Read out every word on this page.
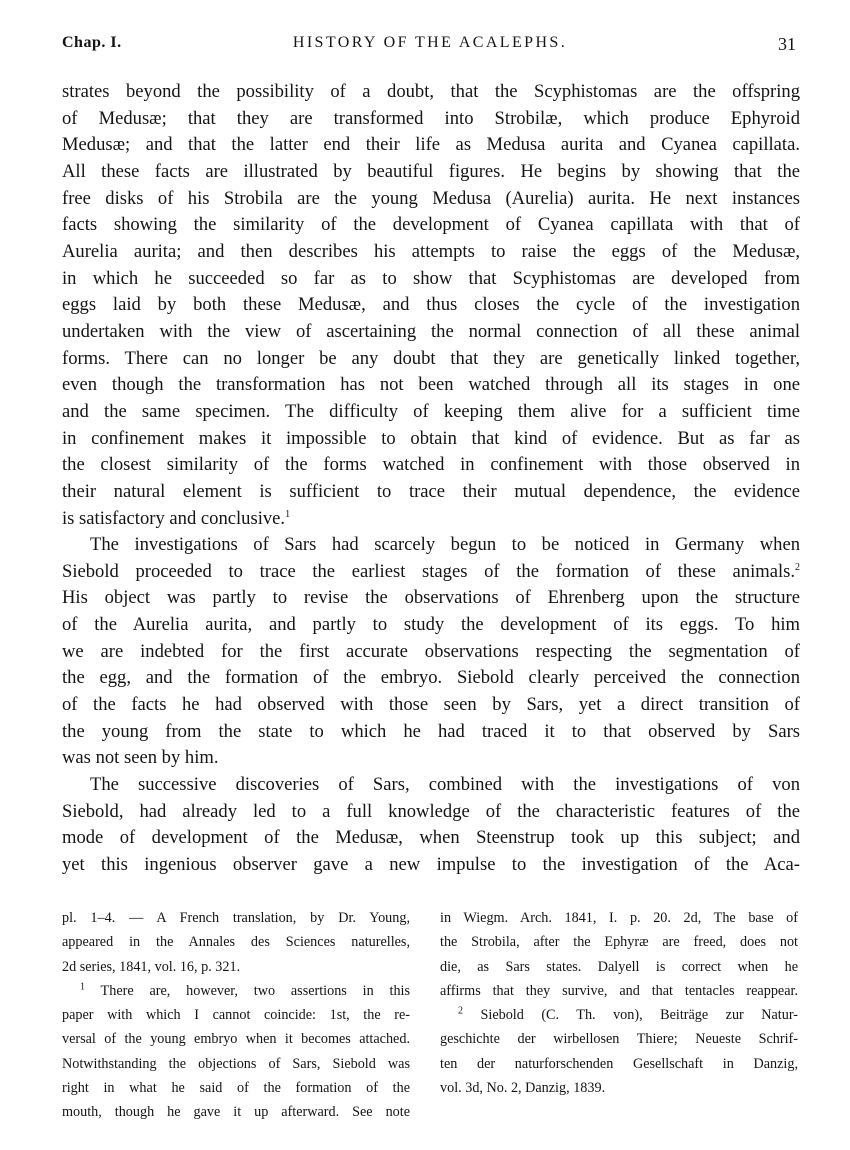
Chap. I.	HISTORY OF THE ACALEPHS.	31

strates beyond the possibility of a doubt, that the Scyphistomas are the offspring
of Medusæ; that they are transformed into Strobilæ, which produce Ephyroid
Medusæ; and that the latter end their life as Medusa aurita and Cyanea capillata.
All these facts are illustrated by beautiful figures. He begins by showing that the
free disks of his Strobila are the young Medusa (Aurelia) aurita. He next instances
facts showing the similarity of the development of Cyanea capillata with that of
Aurelia aurita; and then describes his attempts to raise the eggs of the Medusæ,
in which he succeeded so far as to show that Scyphistomas are developed from
eggs laid by both these Medusæ, and thus closes the cycle of the investigation
undertaken with the view of ascertaining the normal connection of all these animal
forms. There can no longer be any doubt that they are genetically linked together,
even though the transformation has not been watched through all its stages in one
and the same specimen. The difficulty of keeping them alive for a sufficient time
in confinement makes it impossible to obtain that kind of evidence. But as far as
the closest similarity of the forms watched in confinement with those observed in
their natural element is sufficient to trace their mutual dependence, the evidence
is satisfactory and conclusive.$^1$

The investigations of Sars had scarcely begun to be noticed in Germany when
Siebold proceeded to trace the earliest stages of the formation of these animals.$^2$
His object was partly to revise the observations of Ehrenberg upon the structure
of the Aurelia aurita, and partly to study the development of its eggs. To him
we are indebted for the first accurate observations respecting the segmentation of
the egg, and the formation of the embryo. Siebold clearly perceived the connection
of the facts he had observed with those seen by Sars, yet a direct transition of
the young from the state to which he had traced it to that observed by Sars
was not seen by him.

The successive discoveries of Sars, combined with the investigations of von
Siebold, had already led to a full knowledge of the characteristic features of the
mode of development of the Medusæ, when Steenstrup took up this subject; and
yet this ingenious observer gave a new impulse to the investigation of the Aca-

pl. 1–4. — A French translation, by Dr. Young,
appeared in the Annales des Sciences naturelles,
2d series, 1841, vol. 16, p. 321.

$^1$ There are, however, two assertions in this
paper with which I cannot coincide: 1st, the re-
versal of the young embryo when it becomes attached.
Notwithstanding the objections of Sars, Siebold was
right in what he said of the formation of the
mouth, though he gave it up afterward. See note

in Wiegm. Arch. 1841, I. p. 20. 2d, The base of
the Strobila, after the Ephyræ are freed, does not
die, as Sars states. Dalyell is correct when he
affirms that they survive, and that tentacles reappear.

$^2$ Siebold (C. Th. von), Beiträge zur Natur-
geschichte der wirbellosen Thiere; Neueste Schrif-
ten der naturforschenden Gesellschaft in Danzig,
vol. 3d, No. 2, Danzig, 1839.
